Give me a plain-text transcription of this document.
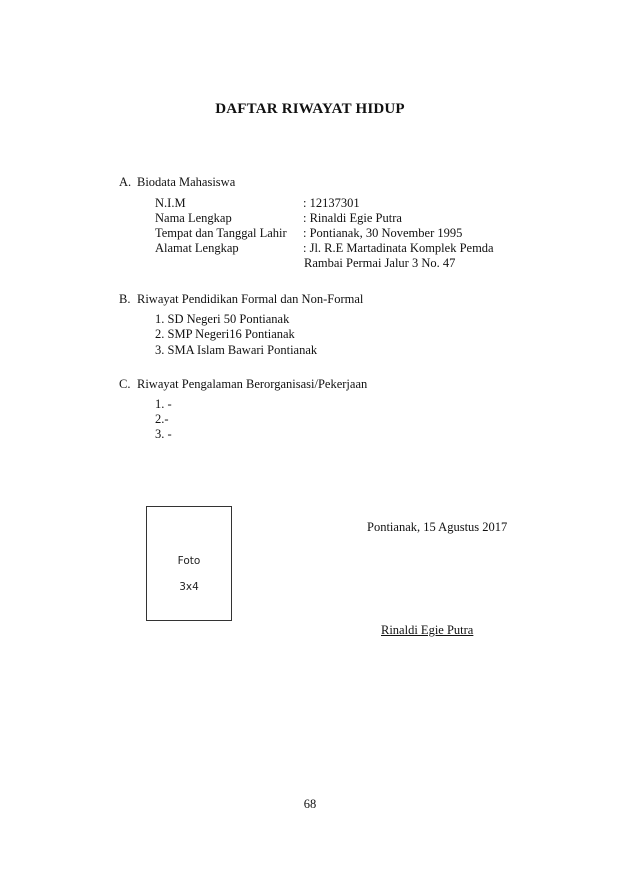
DAFTAR RIWAYAT HIDUP
A. Biodata Mahasiswa
N.I.M	: 12137301
Nama Lengkap	: Rinaldi Egie Putra
Tempat dan Tanggal Lahir : Pontianak, 30 November 1995
Alamat Lengkap	: Jl. R.E Martadinata Komplek Pemda
Rambai Permai Jalur 3 No. 47
B. Riwayat Pendidikan Formal dan Non-Formal
1. SD Negeri 50 Pontianak
2. SMP Negeri16 Pontianak
3. SMA Islam Bawari Pontianak
C. Riwayat Pengalaman Berorganisasi/Pekerjaan
1. -
2.-
3. -
Foto
3x4
Pontianak, 15 Agustus 2017
Rinaldi Egie Putra
68
